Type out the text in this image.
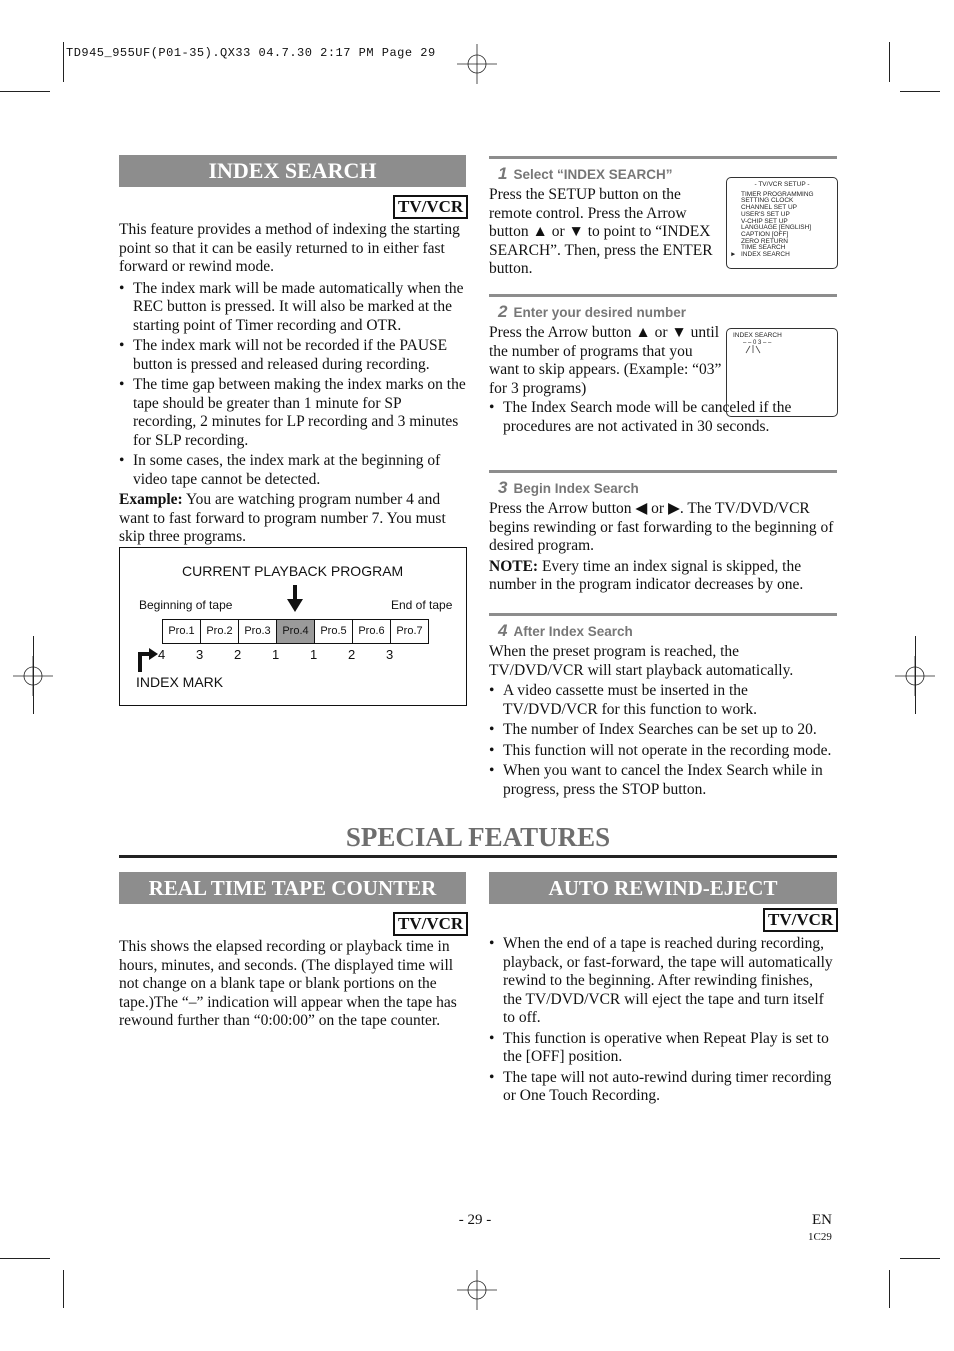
TD945_955UF(P01-35).QX33 04.7.30 2:17 PM Page 29
INDEX SEARCH
TV/VCR

This feature provides a method of indexing the starting point so that it can be easily returned to in either fast forward or rewind mode.

• The index mark will be made automatically when the REC button is pressed. It will also be marked at the starting point of Timer recording and OTR.
• The index mark will not be recorded if the PAUSE button is pressed and released during recording.
• The time gap between making the index marks on the tape should be greater than 1 minute for SP recording, 2 minutes for LP recording and 3 minutes for SLP recording.
• In some cases, the index mark at the beginning of video tape cannot be detected.

Example: You are watching program number 4 and want to fast forward to program number 7. You must skip three programs.

CURRENT PLAYBACK PROGRAM
Beginning of tape	End of tape
Pro.1	Pro.2	Pro.3	Pro.4	Pro.5	Pro.6	Pro.7
4 3 2 1 1 2 3
INDEX MARK
1 Select “INDEX SEARCH”

Press the SETUP button on the remote control. Press the Arrow button ▲ or ▼ to point to “INDEX SEARCH”. Then, press the ENTER button.

- TV/VCR SETUP -
TIMER PROGRAMMING
SETTING CLOCK
CHANNEL SET UP
USER'S SET UP
V-CHIP SET UP
LANGUAGE [ENGLISH]
CAPTION [OFF]
ZERO RETURN
TIME SEARCH
INDEX SEARCH
►
2 Enter your desired number

Press the Arrow button ▲ or ▼ until the number of programs that you want to skip appears. (Example: “03” for 3 programs)

• The Index Search mode will be canceled if the procedures are not activated in 30 seconds.
INDEX SEARCH
– – 0 3 – –
3 Begin Index Search

Press the Arrow button ◀ or ▶. The TV/DVD/VCR begins rewinding or fast forwarding to the beginning of desired program.

NOTE: Every time an index signal is skipped, the number in the program indicator decreases by one.

4 After Index Search

When the preset program is reached, the TV/DVD/VCR will start playback automatically.

• A video cassette must be inserted in the TV/DVD/VCR for this function to work.
• The number of Index Searches can be set up to 20.
• This function will not operate in the recording mode.
• When you want to cancel the Index Search while in progress, press the STOP button.
SPECIAL FEATURES
REAL TIME TAPE COUNTER
TV/VCR

This shows the elapsed recording or playback time in hours, minutes, and seconds. (The displayed time will not change on a blank tape or blank portions on the tape.)The “–” indication will appear when the tape has rewound further than “0:00:00” on the tape counter.

AUTO REWIND-EJECT
TV/VCR
• When the end of a tape is reached during recording, playback, or fast-forward, the tape will automatically rewind to the beginning. After rewinding finishes, the TV/DVD/VCR will eject the tape and turn itself to off.
• This function is operative when Repeat Play is set to the [OFF] position.
• The tape will not auto-rewind during timer recording or One Touch Recording.
- 29 -	EN
1C29
